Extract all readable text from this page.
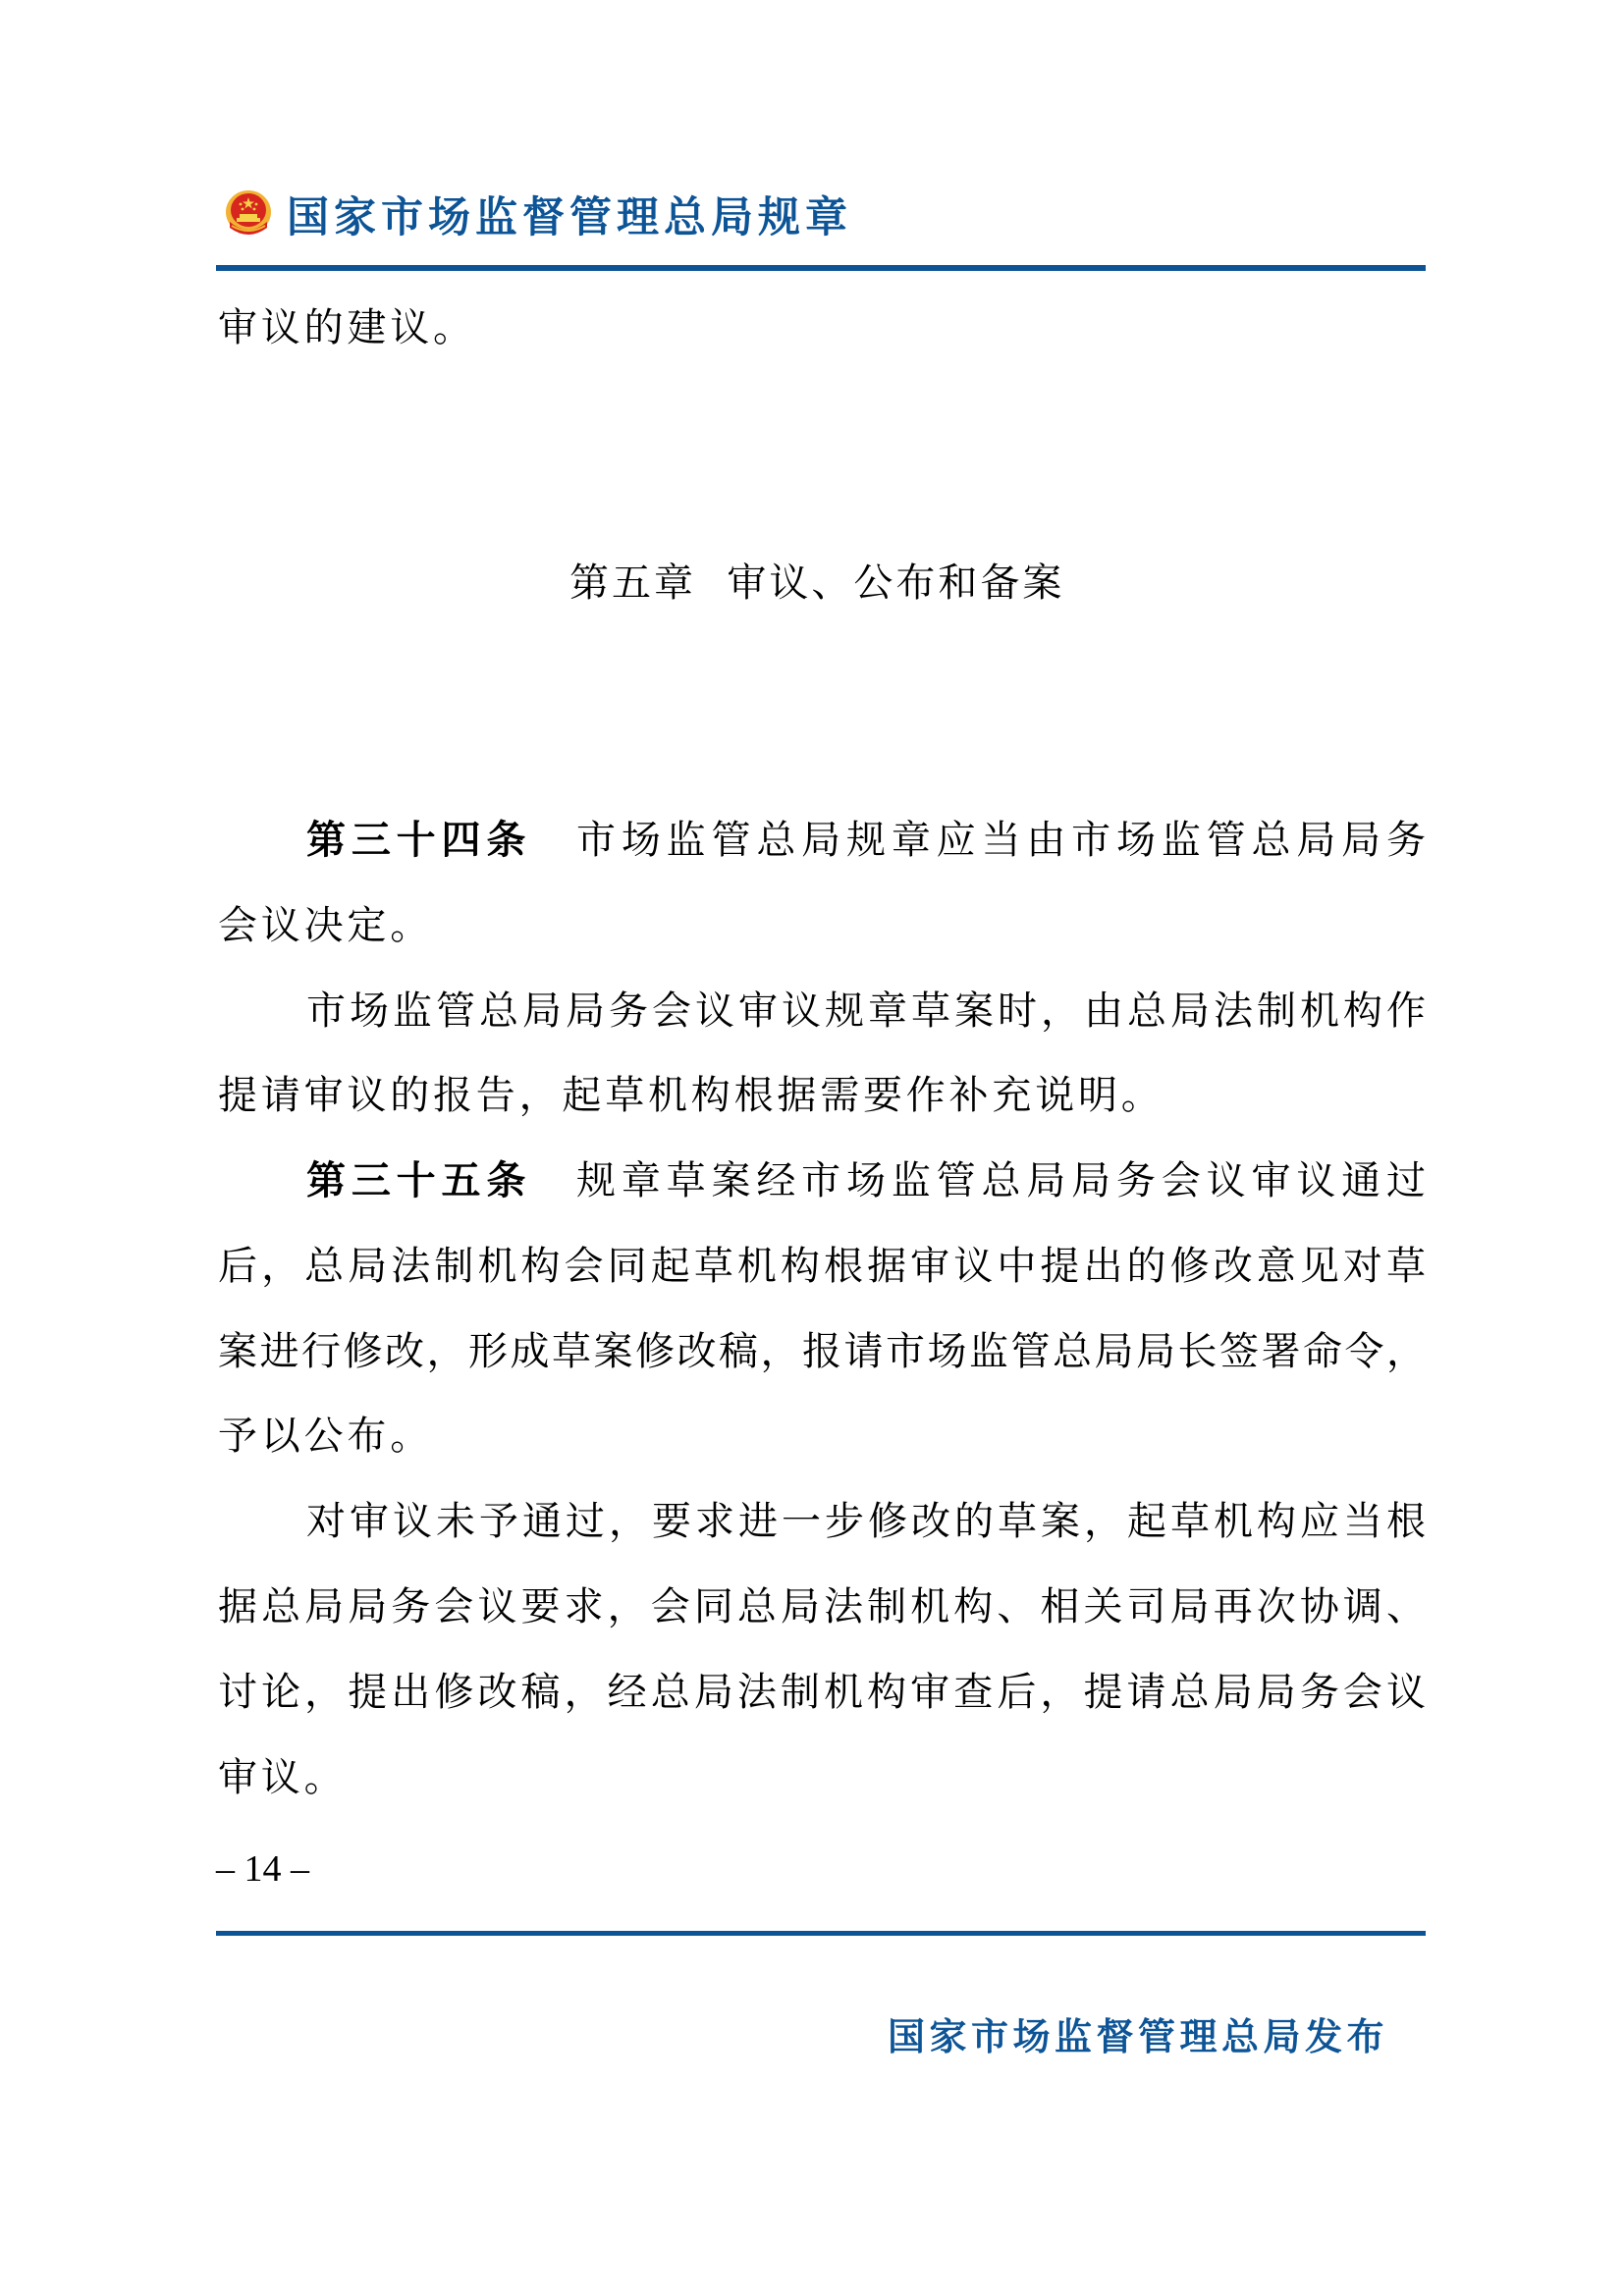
国家市场监督管理总局规章
审议的建议。
第五章  审议、公布和备案
第三十四条 市场监管总局规章应当由市场监管总局局务
会议决定。
市场监管总局局务会议审议规章草案时，由总局法制机构作
提请审议的报告，起草机构根据需要作补充说明。
第三十五条 规章草案经市场监管总局局务会议审议通过
后，总局法制机构会同起草机构根据审议中提出的修改意见对草
案进行修改，形成草案修改稿，报请市场监管总局局长签署命令，
予以公布。
对审议未予通过，要求进一步修改的草案，起草机构应当根
据总局局务会议要求，会同总局法制机构、相关司局再次协调、
讨论，提出修改稿，经总局法制机构审查后，提请总局局务会议
审议。
– 14 –
国家市场监督管理总局发布
